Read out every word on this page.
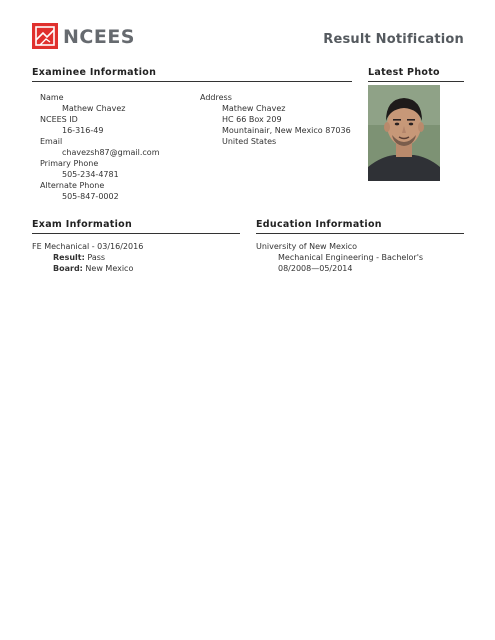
NCEES	Result Notification
Examinee Information
Name
Mathew Chavez
NCEES ID
16-316-49
Email
chavezsh87@gmail.com
Primary Phone
505-234-4781
Alternate Phone
505-847-0002
Address
Mathew Chavez
HC 66 Box 209
Mountainair, New Mexico 87036
United States
Latest Photo
Exam Information
FE Mechanical - 03/16/2016
Result: Pass
Board: New Mexico
Education Information
University of New Mexico
Mechanical Engineering - Bachelor's
08/2008—05/2014
